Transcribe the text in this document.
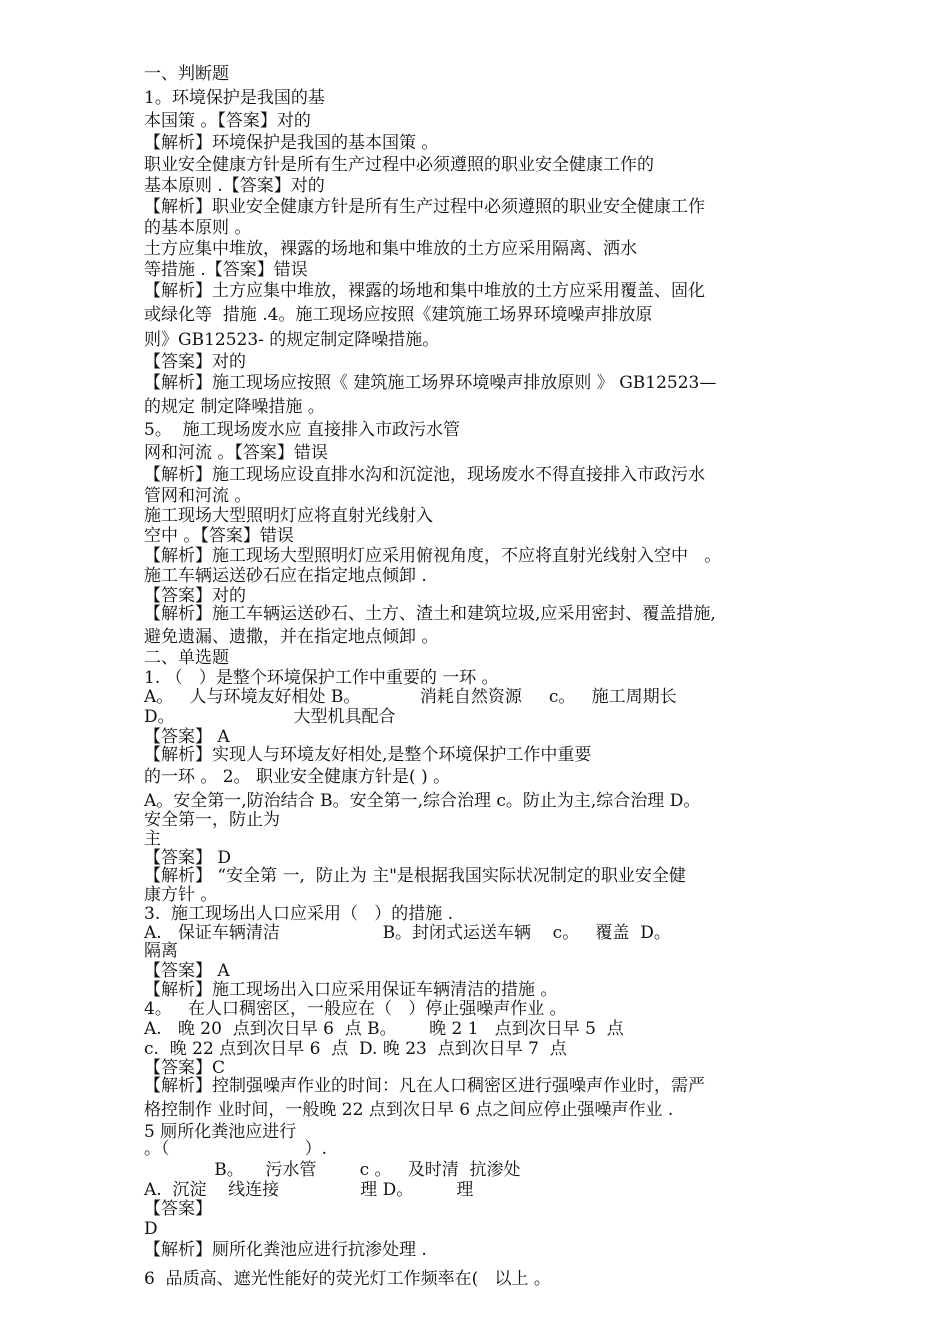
一、判断题
1。环境保护是我国的基
本国策 。【答案】对的
【解析】环境保护是我国的基本国策 。
职业安全健康方针是所有生产过程中必须遵照的职业安全健康工作的
基本原则 .【答案】对的
【解析】职业安全健康方针是所有生产过程中必须遵照的职业安全健康工作
的基本原则 。
土方应集中堆放，裸露的场地和集中堆放的土方应采用隔离、洒水
等措施 .【答案】错误
【解析】土方应集中堆放，裸露的场地和集中堆放的土方应采用覆盖、固化
或绿化等  措施 .4。施工现场应按照《建筑施工场界环境噪声排放原
则》GB12523- 的规定制定降噪措施。
【答案】对的
【解析】施工现场应按照《 建筑施工场界环境噪声排放原则 》 GB12523—
的规定 制定降噪措施 。
5。  施工现场废水应 直接排入市政污水管
网和河流 。【答案】错误
【解析】施工现场应设直排水沟和沉淀池，现场废水不得直接排入市政污水
管网和河流 。
施工现场大型照明灯应将直射光线射入
空中 。【答案】错误
【解析】施工现场大型照明灯应采用俯视角度，不应将直射光线射入空中   。
施工车辆运送砂石应在指定地点倾卸 .
【答案】对的
【解析】施工车辆运送砂石、土方、渣土和建筑垃圾,应采用密封、覆盖措施,
避免遗漏、遗撒，并在指定地点倾卸 。
二、单选题
1. （   ）是整个环境保护工作中重要的 一环 。
A。   人与环境友好相处 B。           消耗自然资源     c。   施工周期长
D。                      大型机具配合
【答案】 A
【解析】实现人与环境友好相处,是整个环境保护工作中重要
的一环 。 2。 职业安全健康方针是( ) 。
A。安全第一,防治结合 B。安全第一,综合治理 c。防止为主,综合治理 D。
安全第一，防止为
主
【答案】 D
【解析】 “安全第 一,  防止为 主"是根据我国实际状况制定的职业安全健
康方针 。
3.  施工现场出人口应采用（   ）的措施 .
A.   保证车辆清洁                   B。封闭式运送车辆    c。   覆盖  D。
隔离
【答案】 A
【解析】施工现场出入口应采用保证车辆清洁的措施 。
4。   在人口稠密区，一般应在（   ）停止强噪声作业 。
A.   晚 20  点到次日早 6  点 B。      晚 2 1   点到次日早 5  点
c.  晚 22 点到次日早 6  点  D. 晚 23  点到次日早 7  点
【答案】C
【解析】控制强噪声作业的时间：凡在人口稠密区进行强噪声作业时，需严
格控制作 业时间，一般晚 22 点到次日早 6 点之间应停止强噪声作业 .
5 厕所化粪池应进行
。（                         ）.
B。    污水管        c 。   及时清  抗渗处
A.  沉淀    线连接               理 D。        理
【答案】
D
【解析】厕所化粪池应进行抗渗处理 .
6  品质高、遮光性能好的荧光灯工作频率在(   以上 。
